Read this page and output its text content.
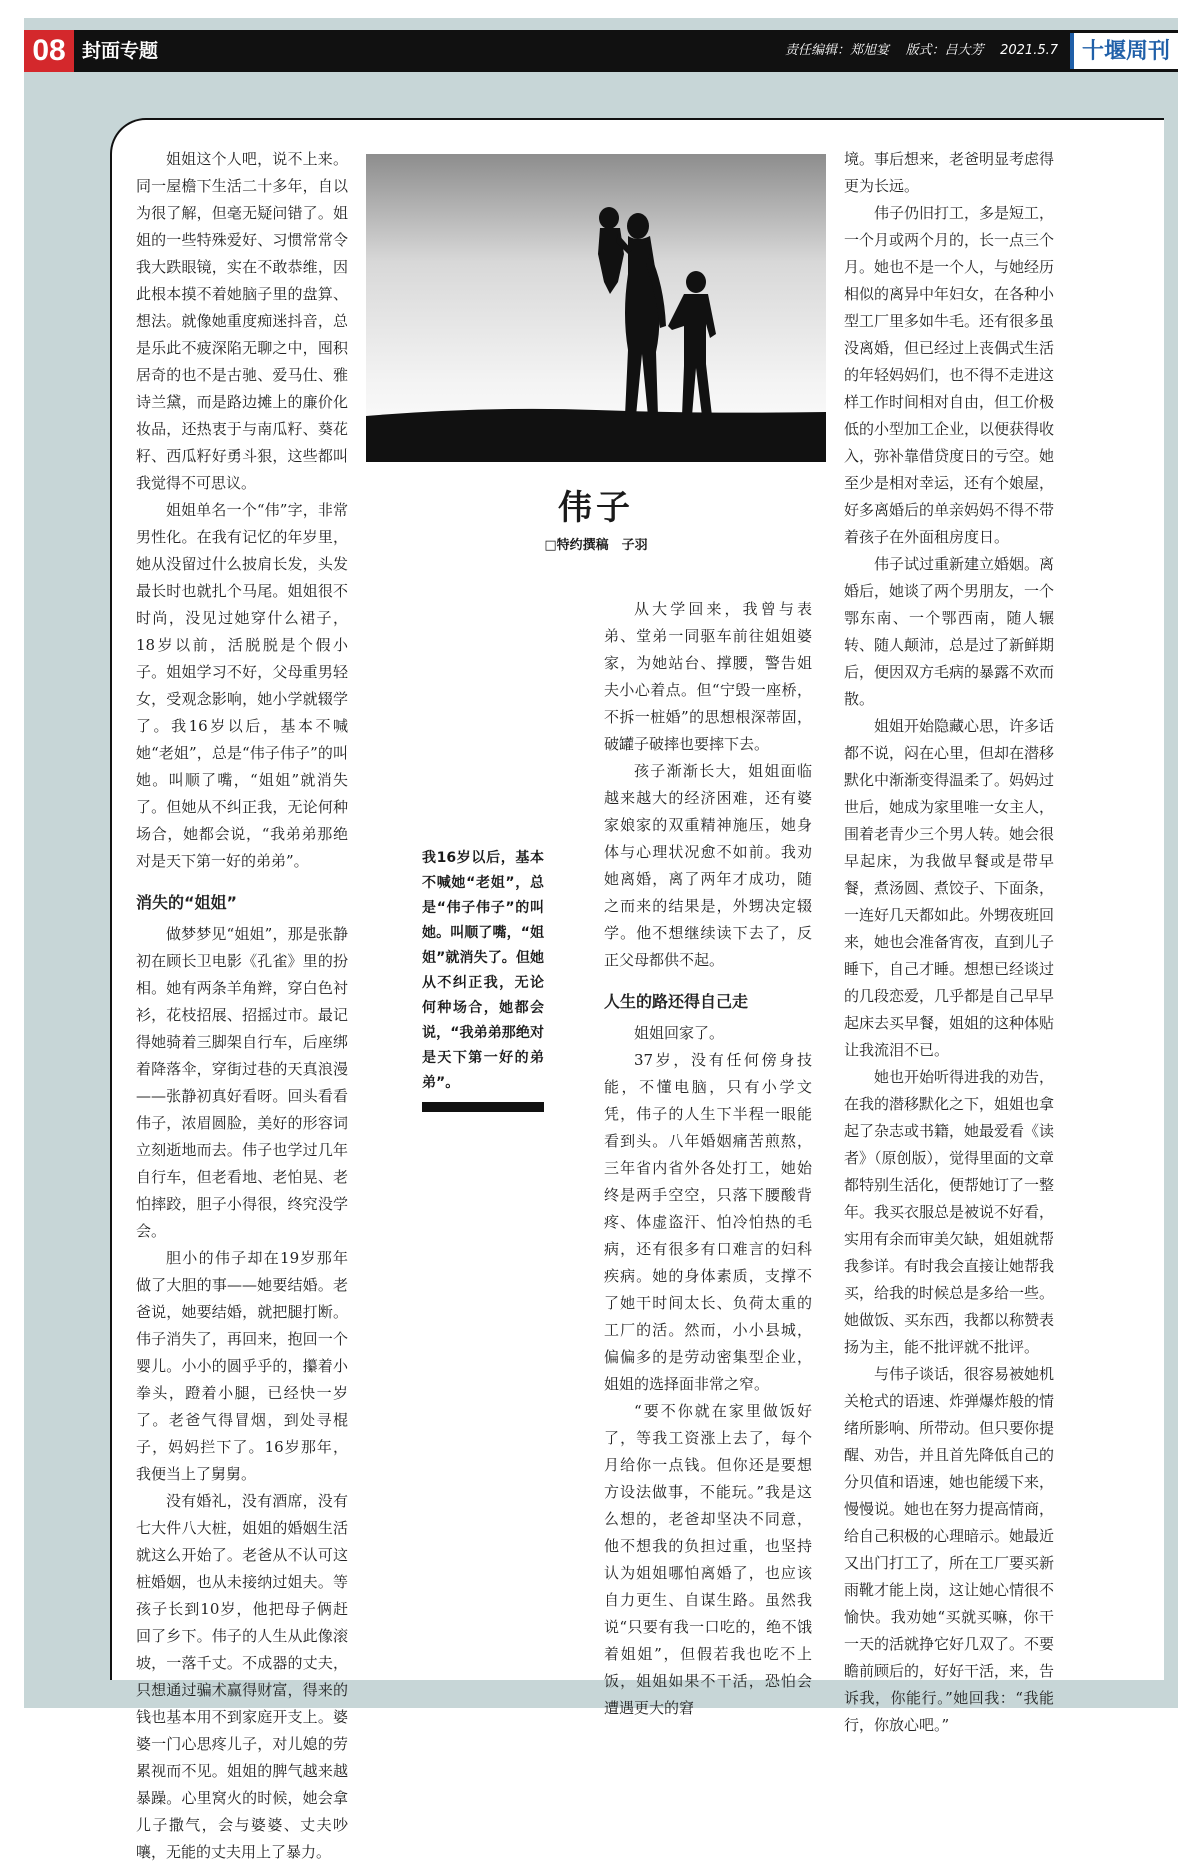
08 封面专题	责任编辑：郑旭宴    版式：吕大芳    2021.5.7	十堰周刊

姐姐这个人吧，说不上来。同一屋檐下生活二十多年，自以为很了解，但毫无疑问错了。姐姐的一些特殊爱好、习惯常常令我大跌眼镜，实在不敢恭维，因此根本摸不着她脑子里的盘算、想法。就像她重度痴迷抖音，总是乐此不疲深陷无聊之中，囤积居奇的也不是古驰、爱马仕、雅诗兰黛，而是路边摊上的廉价化妆品，还热衷于与南瓜籽、葵花籽、西瓜籽好勇斗狠，这些都叫我觉得不可思议。

姐姐单名一个“伟”字，非常男性化。在我有记忆的年岁里，她从没留过什么披肩长发，头发最长时也就扎个马尾。姐姐很不时尚，没见过她穿什么裙子，18岁以前，活脱脱是个假小子。姐姐学习不好，父母重男轻女，受观念影响，她小学就辍学了。我16岁以后，基本不喊她“老姐”，总是“伟子伟子”的叫她。叫顺了嘴，“姐姐”就消失了。但她从不纠正我，无论何种场合，她都会说，“我弟弟那绝对是天下第一好的弟弟”。

消失的“姐姐”

做梦梦见“姐姐”，那是张静初在顾长卫电影《孔雀》里的扮相。她有两条羊角辫，穿白色衬衫，花枝招展、招摇过市。最记得她骑着三脚架自行车，后座绑着降落伞，穿街过巷的天真浪漫——张静初真好看呀。回头看看伟子，浓眉圆脸，美好的形容词立刻逝地而去。伟子也学过几年自行车，但老看地、老怕晃、老怕摔跤，胆子小得很，终究没学会。

胆小的伟子却在19岁那年做了大胆的事——她要结婚。老爸说，她要结婚，就把腿打断。伟子消失了，再回来，抱回一个婴儿。小小的圆乎乎的，攥着小拳头，蹬着小腿，已经快一岁了。老爸气得冒烟，到处寻棍子，妈妈拦下了。16岁那年，我便当上了舅舅。

没有婚礼，没有酒席，没有七大件八大桩，姐姐的婚姻生活就这么开始了。老爸从不认可这桩婚姻，也从未接纳过姐夫。等孩子长到10岁，他把母子俩赶回了乡下。伟子的人生从此像滚坡，一落千丈。不成器的丈夫，只想通过骗术赢得财富，得来的钱也基本用不到家庭开支上。婆婆一门心思疼儿子，对儿媳的劳累视而不见。姐姐的脾气越来越暴躁。心里窝火的时候，她会拿儿子撒气，会与婆婆、丈夫吵嚷，无能的丈夫用上了暴力。

伟子
□特约撰稿　子羽
我16岁以后，基本不喊她“老姐”，总是“伟子伟子”的叫她。叫顺了嘴，“姐姐”就消失了。但她从不纠正我，无论何种场合，她都会说，“我弟弟那绝对是天下第一好的弟弟”。

从大学回来，我曾与表弟、堂弟一同驱车前往姐姐婆家，为她站台、撑腰，警告姐夫小心着点。但“宁毁一座桥，不拆一桩婚”的思想根深蒂固，破罐子破摔也要摔下去。

孩子渐渐长大，姐姐面临越来越大的经济困难，还有婆家娘家的双重精神施压，她身体与心理状况愈不如前。我劝她离婚，离了两年才成功，随之而来的结果是，外甥决定辍学。他不想继续读下去了，反正父母都供不起。

人生的路还得自己走

姐姐回家了。

37岁，没有任何傍身技能，不懂电脑，只有小学文凭，伟子的人生下半程一眼能看到头。八年婚姻痛苦煎熬，三年省内省外各处打工，她始终是两手空空，只落下腰酸背疼、体虚盗汗、怕冷怕热的毛病，还有很多有口难言的妇科疾病。她的身体素质，支撑不了她干时间太长、负荷太重的工厂的活。然而，小小县城，偏偏多的是劳动密集型企业，姐姐的选择面非常之窄。

“要不你就在家里做饭好了，等我工资涨上去了，每个月给你一点钱。但你还是要想方设法做事，不能玩。”我是这么想的，老爸却坚决不同意，他不想我的负担过重，也坚持认为姐姐哪怕离婚了，也应该自力更生、自谋生路。虽然我说“只要有我一口吃的，绝不饿着姐姐”，但假若我也吃不上饭，姐姐如果不干活，恐怕会遭遇更大的窘

境。事后想来，老爸明显考虑得更为长远。

伟子仍旧打工，多是短工，一个月或两个月的，长一点三个月。她也不是一个人，与她经历相似的离异中年妇女，在各种小型工厂里多如牛毛。还有很多虽没离婚，但已经过上丧偶式生活的年轻妈妈们，也不得不走进这样工作时间相对自由，但工价极低的小型加工企业，以便获得收入，弥补靠借贷度日的亏空。她至少是相对幸运，还有个娘屋，好多离婚后的单亲妈妈不得不带着孩子在外面租房度日。

伟子试过重新建立婚姻。离婚后，她谈了两个男朋友，一个鄂东南、一个鄂西南，随人辗转、随人颠沛，总是过了新鲜期后，便因双方毛病的暴露不欢而散。

姐姐开始隐藏心思，许多话都不说，闷在心里，但却在潜移默化中渐渐变得温柔了。妈妈过世后，她成为家里唯一女主人，围着老青少三个男人转。她会很早起床，为我做早餐或是带早餐，煮汤圆、煮饺子、下面条，一连好几天都如此。外甥夜班回来，她也会准备宵夜，直到儿子睡下，自己才睡。想想已经谈过的几段恋爱，几乎都是自己早早起床去买早餐，姐姐的这种体贴让我流泪不已。

她也开始听得进我的劝告，在我的潜移默化之下，姐姐也拿起了杂志或书籍，她最爱看《读者》（原创版），觉得里面的文章都特别生活化，便帮她订了一整年。我买衣服总是被说不好看，实用有余而审美欠缺，姐姐就帮我参详。有时我会直接让她帮我买，给我的时候总是多给一些。她做饭、买东西，我都以称赞表扬为主，能不批评就不批评。

与伟子谈话，很容易被她机关枪式的语速、炸弹爆炸般的情绪所影响、所带动。但只要你提醒、劝告，并且首先降低自己的分贝值和语速，她也能缓下来，慢慢说。她也在努力提高情商，给自己积极的心理暗示。她最近又出门打工了，所在工厂要买新雨靴才能上岗，这让她心情很不愉快。我劝她“买就买嘛，你干一天的活就挣它好几双了。不要瞻前顾后的，好好干活，来，告诉我，你能行。”她回我：“我能行，你放心吧。”
